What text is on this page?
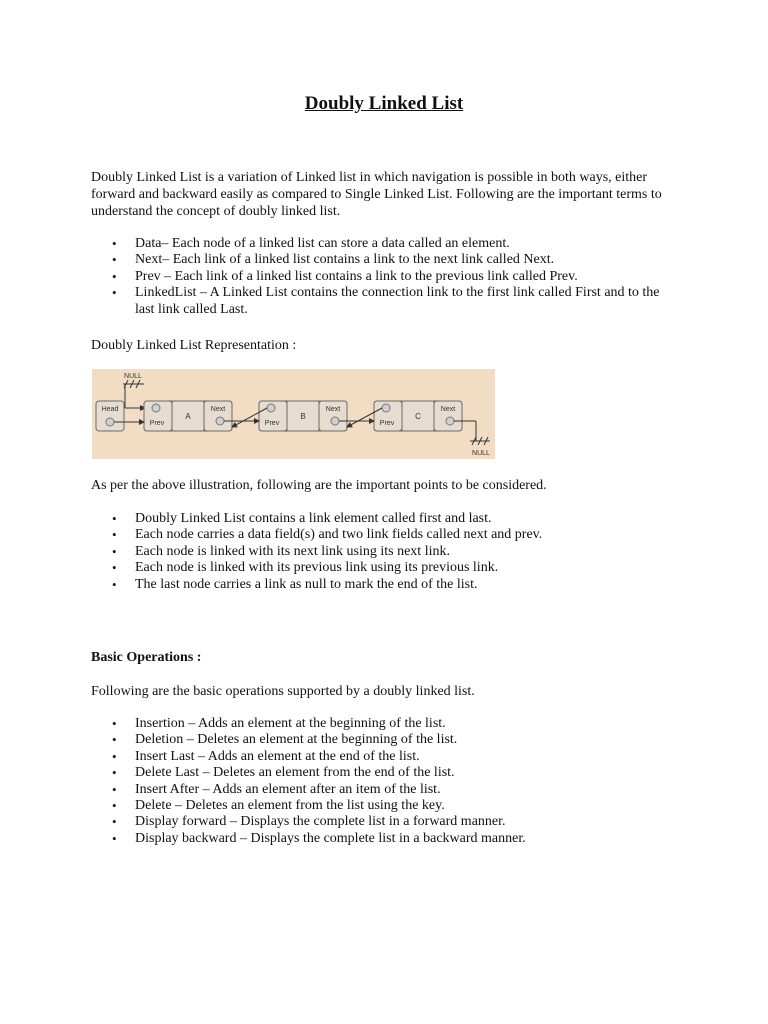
Doubly Linked List

Doubly Linked List is a variation of Linked list in which navigation is possible in both ways, either forward and backward easily as compared to Single Linked List. Following are the important terms to understand the concept of doubly linked list.

• Data– Each node of a linked list can store a data called an element.
• Next– Each link of a linked list contains a link to the next link called Next.
• Prev – Each link of a linked list contains a link to the previous link called Prev.
• LinkedList – A Linked List contains the connection link to the first link called First and to the last link called Last.

Doubly Linked List Representation :

Head
NULL
Prev
A
Next
Prev
B
Next
Prev
C
Next
NULL

As per the above illustration, following are the important points to be considered.

• Doubly Linked List contains a link element called first and last.
• Each node carries a data field(s) and two link fields called next and prev.
• Each node is linked with its next link using its next link.
• Each node is linked with its previous link using its previous link.
• The last node carries a link as null to mark the end of the list.

Basic Operations :

Following are the basic operations supported by a doubly linked list.

• Insertion – Adds an element at the beginning of the list.
• Deletion – Deletes an element at the beginning of the list.
• Insert Last – Adds an element at the end of the list.
• Delete Last – Deletes an element from the end of the list.
• Insert After – Adds an element after an item of the list.
• Delete – Deletes an element from the list using the key.
• Display forward – Displays the complete list in a forward manner.
• Display backward – Displays the complete list in a backward manner.
